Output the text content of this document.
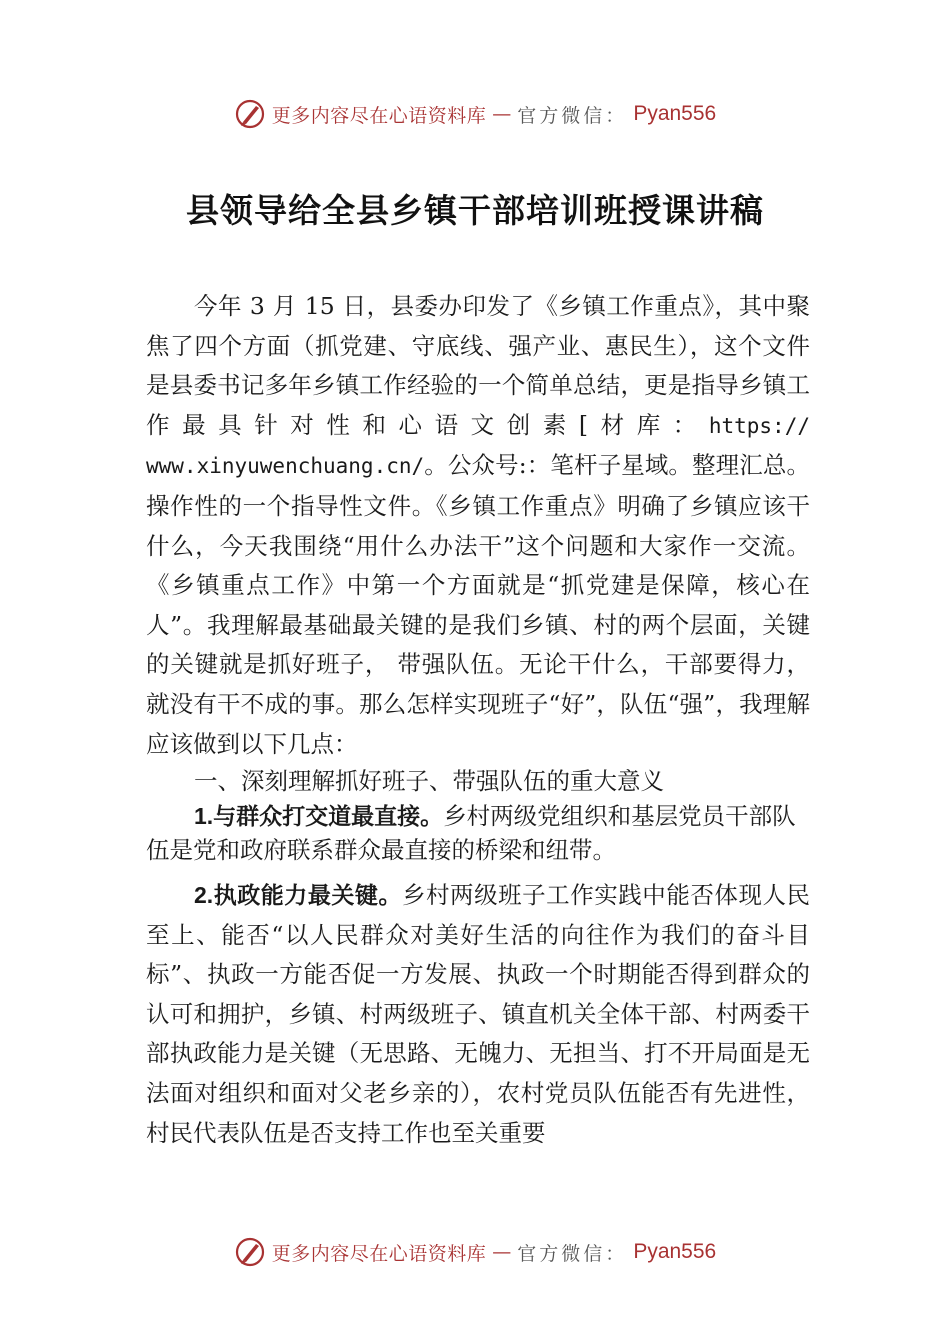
更多内容尽在心语资料库 — 官方微信： Pyan556
县领导给全县乡镇干部培训班授课讲稿

今年 3 月 15 日，县委办印发了《乡镇工作重点》，其中聚焦了四个方面（抓党建、守底线、强产业、惠民生），这个文件是县委书记多年乡镇工作经验的一个简单总结，更是指导乡镇工作最具针对性和心语文创素[材库：https:// www.xinyuwenchuang.cn/。公众号:：笔杆子星域。整理汇总。操作性的一个指导性文件。《乡镇工作重点》明确了乡镇应该干什么，今天我围绕“用什么办法干”这个问题和大家作一交流。《乡镇重点工作》中第一个方面就是“抓党建是保障，核心在人”。我理解最基础最关键的是我们乡镇、村的两个层面，关键的关键就是抓好班子， 带强队伍。无论干什么，干部要得力，就没有干不成的事。那么怎样实现班子“好”，队伍“强”，我理解应该做到以下几点：

一、深刻理解抓好班子、带强队伍的重大意义

1.与群众打交道最直接。乡村两级党组织和基层党员干部队伍是党和政府联系群众最直接的桥梁和纽带。

2.执政能力最关键。乡村两级班子工作实践中能否体现人民至上、能否“以人民群众对美好生活的向往作为我们的奋斗目标”、执政一方能否促一方发展、执政一个时期能否得到群众的认可和拥护，乡镇、村两级班子、镇直机关全体干部、村两委干部执政能力是关键（无思路、无魄力、无担当、打不开局面是无法面对组织和面对父老乡亲的），农村党员队伍能否有先进性，村民代表队伍是否支持工作也至关重要

更多内容尽在心语资料库 — 官方微信： Pyan556
